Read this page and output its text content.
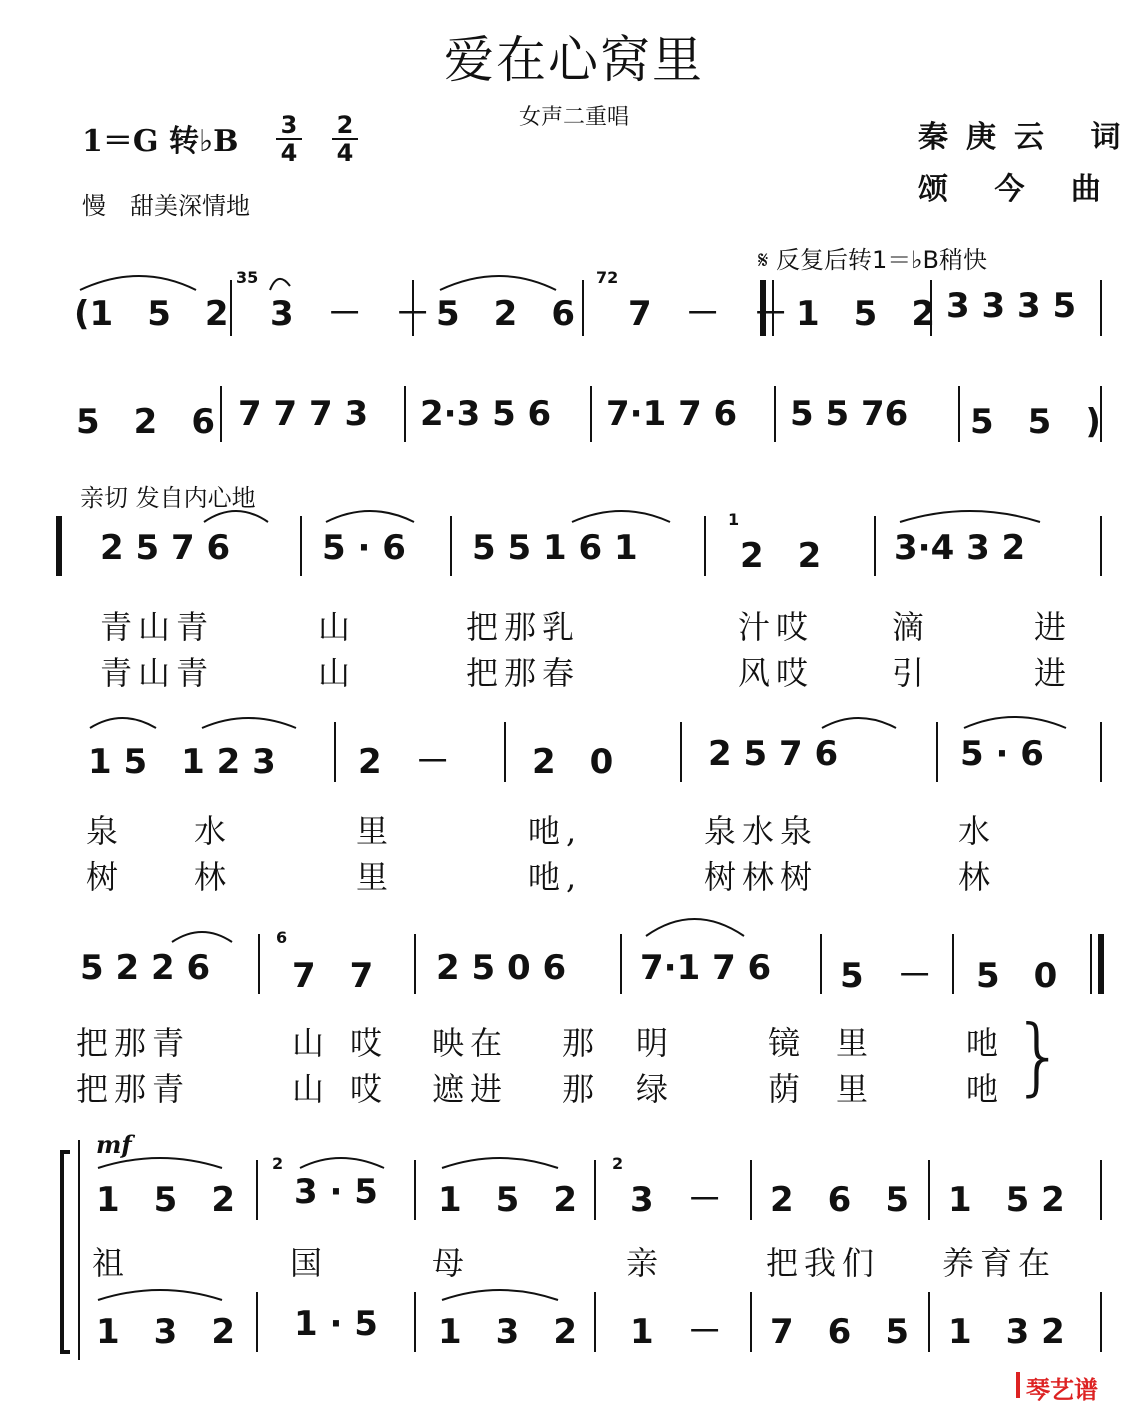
爱在心窝里
女声二重唱
1＝G 转♭B 3
4
2
4
慢　甜美深情地
秦庚云 词
颂 今 曲
𝄋 反复后转1＝♭B稍快
35	72
(1　5　2 3　－　－ 5　2　6 7　－　－ 1　5　2 3 3 3 5
5　2　6 7 7 7 3 2·3 5 6 7·1 7 6 5 5 76 5　5　)
亲切 发自内心地
1
2 5 7 6	5 · 6 5 5 1 6 1	2　2 3·4 3 2
青山青	山	把那乳	汁哎 滴	进
青山青	山	把那春	风哎 引	进
1 5　1 2 3 2　－ 2　0	2 5 7 6	5 · 6
泉 水	里	吔,	泉水泉	水
树 林	里	吔,	树林树	林
6
5 2 2 6 7　7 2 5 0 6 7·1 7 6 5　－ 5　0
把那青	山 哎 映在 那 明	镜 里	吔
把那青	山 哎 遮进 那 绿	荫 里	吔 }
mf
2	2
1　5　2 3 · 5 1　5　2 3　－ 2　6　5 1　5 2
祖	国	母	亲	把我们 养育在
1　3　2 1 · 5 1　3　2 1　－ 7　6　5 1　3 2
琴艺谱
